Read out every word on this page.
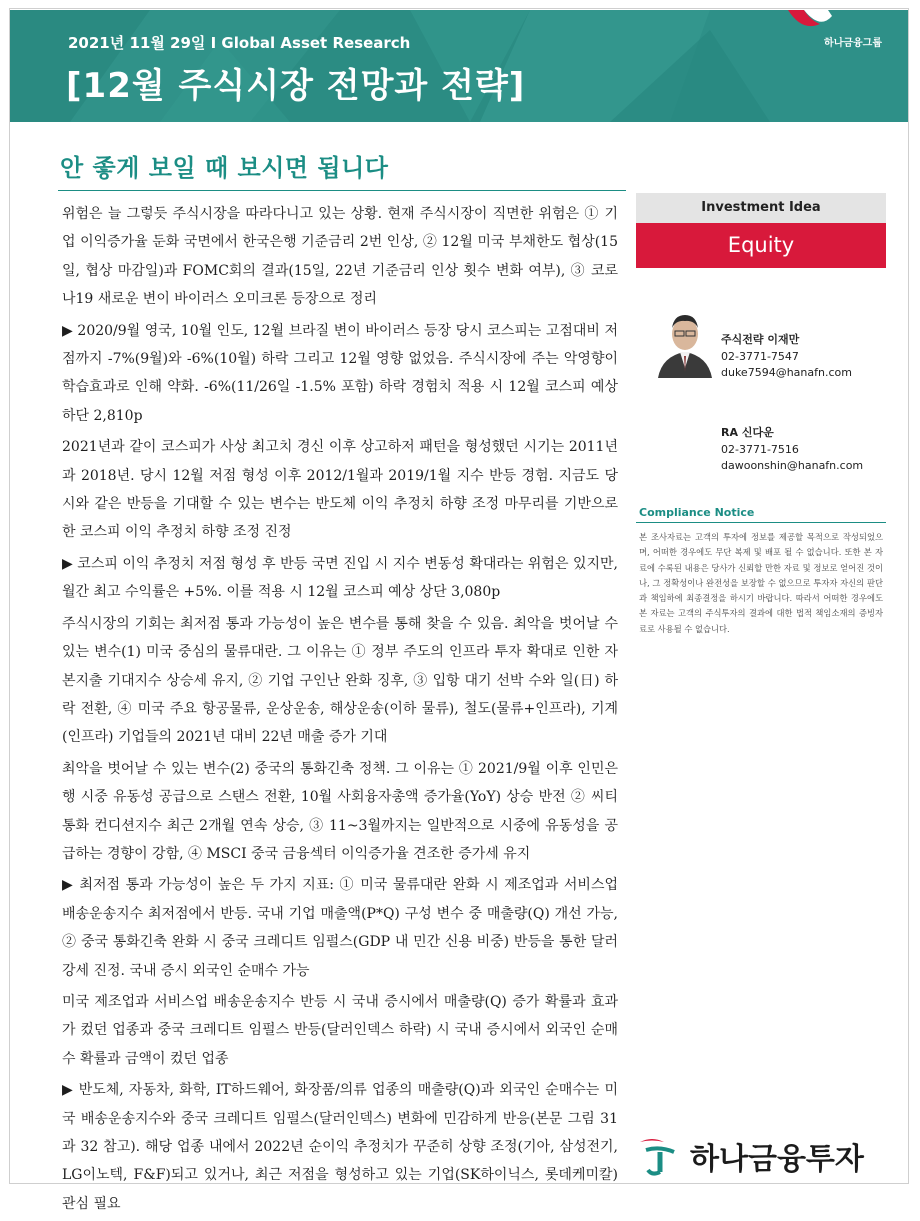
2021년 11월 29일 I Global Asset Research
[12월 주식시장 전망과 전략]
하나금융그룹
안 좋게 보일 때 보시면 됩니다

위험은 늘 그렇듯 주식시장을 따라다니고 있는 상황. 현재 주식시장이 직면한 위험은 ① 기업 이익증가율 둔화 국면에서 한국은행 기준금리 2번 인상, ② 12월 미국 부채한도 협상(15일, 협상 마감일)과 FOMC회의 결과(15일, 22년 기준금리 인상 횟수 변화 여부), ③ 코로나19 새로운 변이 바이러스 오미크론 등장으로 정리

▶ 2020/9월 영국, 10월 인도, 12월 브라질 변이 바이러스 등장 당시 코스피는 고점대비 저점까지 -7%(9월)와 -6%(10월) 하락 그리고 12월 영향 없었음. 주식시장에 주는 악영향이 학습효과로 인해 약화. -6%(11/26일 -1.5% 포함) 하락 경험치 적용 시 12월 코스피 예상 하단 2,810p

2021년과 같이 코스피가 사상 최고치 경신 이후 상고하저 패턴을 형성했던 시기는 2011년과 2018년. 당시 12월 저점 형성 이후 2012/1월과 2019/1월 지수 반등 경험. 지금도 당시와 같은 반등을 기대할 수 있는 변수는 반도체 이익 추정치 하향 조정 마무리를 기반으로 한 코스피 이익 추정치 하향 조정 진정

▶ 코스피 이익 추정치 저점 형성 후 반등 국면 진입 시 지수 변동성 확대라는 위험은 있지만, 월간 최고 수익률은 +5%. 이를 적용 시 12월 코스피 예상 상단 3,080p

주식시장의 기회는 최저점 통과 가능성이 높은 변수를 통해 찾을 수 있음. 최악을 벗어날 수 있는 변수(1) 미국 중심의 물류대란. 그 이유는 ① 정부 주도의 인프라 투자 확대로 인한 자본지출 기대지수 상승세 유지, ② 기업 구인난 완화 징후, ③ 입항 대기 선박 수와 일(日) 하락 전환, ④ 미국 주요 항공물류, 운상운송, 해상운송(이하 물류), 철도(물류+인프라), 기계(인프라) 기업들의 2021년 대비 22년 매출 증가 기대

최악을 벗어날 수 있는 변수(2) 중국의 통화긴축 정책. 그 이유는 ① 2021/9월 이후 인민은행 시중 유동성 공급으로 스탠스 전환, 10월 사회융자총액 증가율(YoY) 상승 반전 ② 씨티 통화 컨디션지수 최근 2개월 연속 상승, ③ 11~3월까지는 일반적으로 시중에 유동성을 공급하는 경향이 강함, ④ MSCI 중국 금융섹터 이익증가율 견조한 증가세 유지

▶ 최저점 통과 가능성이 높은 두 가지 지표: ① 미국 물류대란 완화 시 제조업과 서비스업 배송운송지수 최저점에서 반등. 국내 기업 매출액(P*Q) 구성 변수 중 매출량(Q) 개선 가능, ② 중국 통화긴축 완화 시 중국 크레디트 임펄스(GDP 내 민간 신용 비중) 반등을 통한 달러강세 진정. 국내 증시 외국인 순매수 가능

미국 제조업과 서비스업 배송운송지수 반등 시 국내 증시에서 매출량(Q) 증가 확률과 효과가 컸던 업종과 중국 크레디트 임펄스 반등(달러인덱스 하락) 시 국내 증시에서 외국인 순매수 확률과 금액이 컸던 업종

▶ 반도체, 자동차, 화학, IT하드웨어, 화장품/의류 업종의 매출량(Q)과 외국인 순매수는 미국 배송운송지수와 중국 크레디트 임펄스(달러인덱스) 변화에 민감하게 반응(본문 그림 31과 32 참고). 해당 업종 내에서 2022년 순이익 추정치가 꾸준히 상향 조정(기아, 삼성전기, LG이노텍, F&F)되고 있거나, 최근 저점을 형성하고 있는 기업(SK하이닉스, 롯데케미칼) 관심 필요

Investment Idea
Equity
주식전략 이재만
02-3771-7547
duke7594@hanafn.com
RA 신다운
02-3771-7516
dawoonshin@hanafn.com
Compliance Notice
본 조사자료는 고객의 투자에 정보를 제공할 목적으로 작성되었으며, 어떠한 경우에도 무단 복제 및 배포 될 수 없습니다. 또한 본 자료에 수록된 내용은 당사가 신뢰할 만한 자료 및 정보로 얻어진 것이나, 그 정확성이나 완전성을 보장할 수 없으므로 투자자 자신의 판단과 책임하에 최종결정을 하시기 바랍니다. 따라서 어떠한 경우에도 본 자료는 고객의 주식투자의 결과에 대한 법적 책임소재의 증빙자료로 사용될 수 없습니다.
하나금융투자
